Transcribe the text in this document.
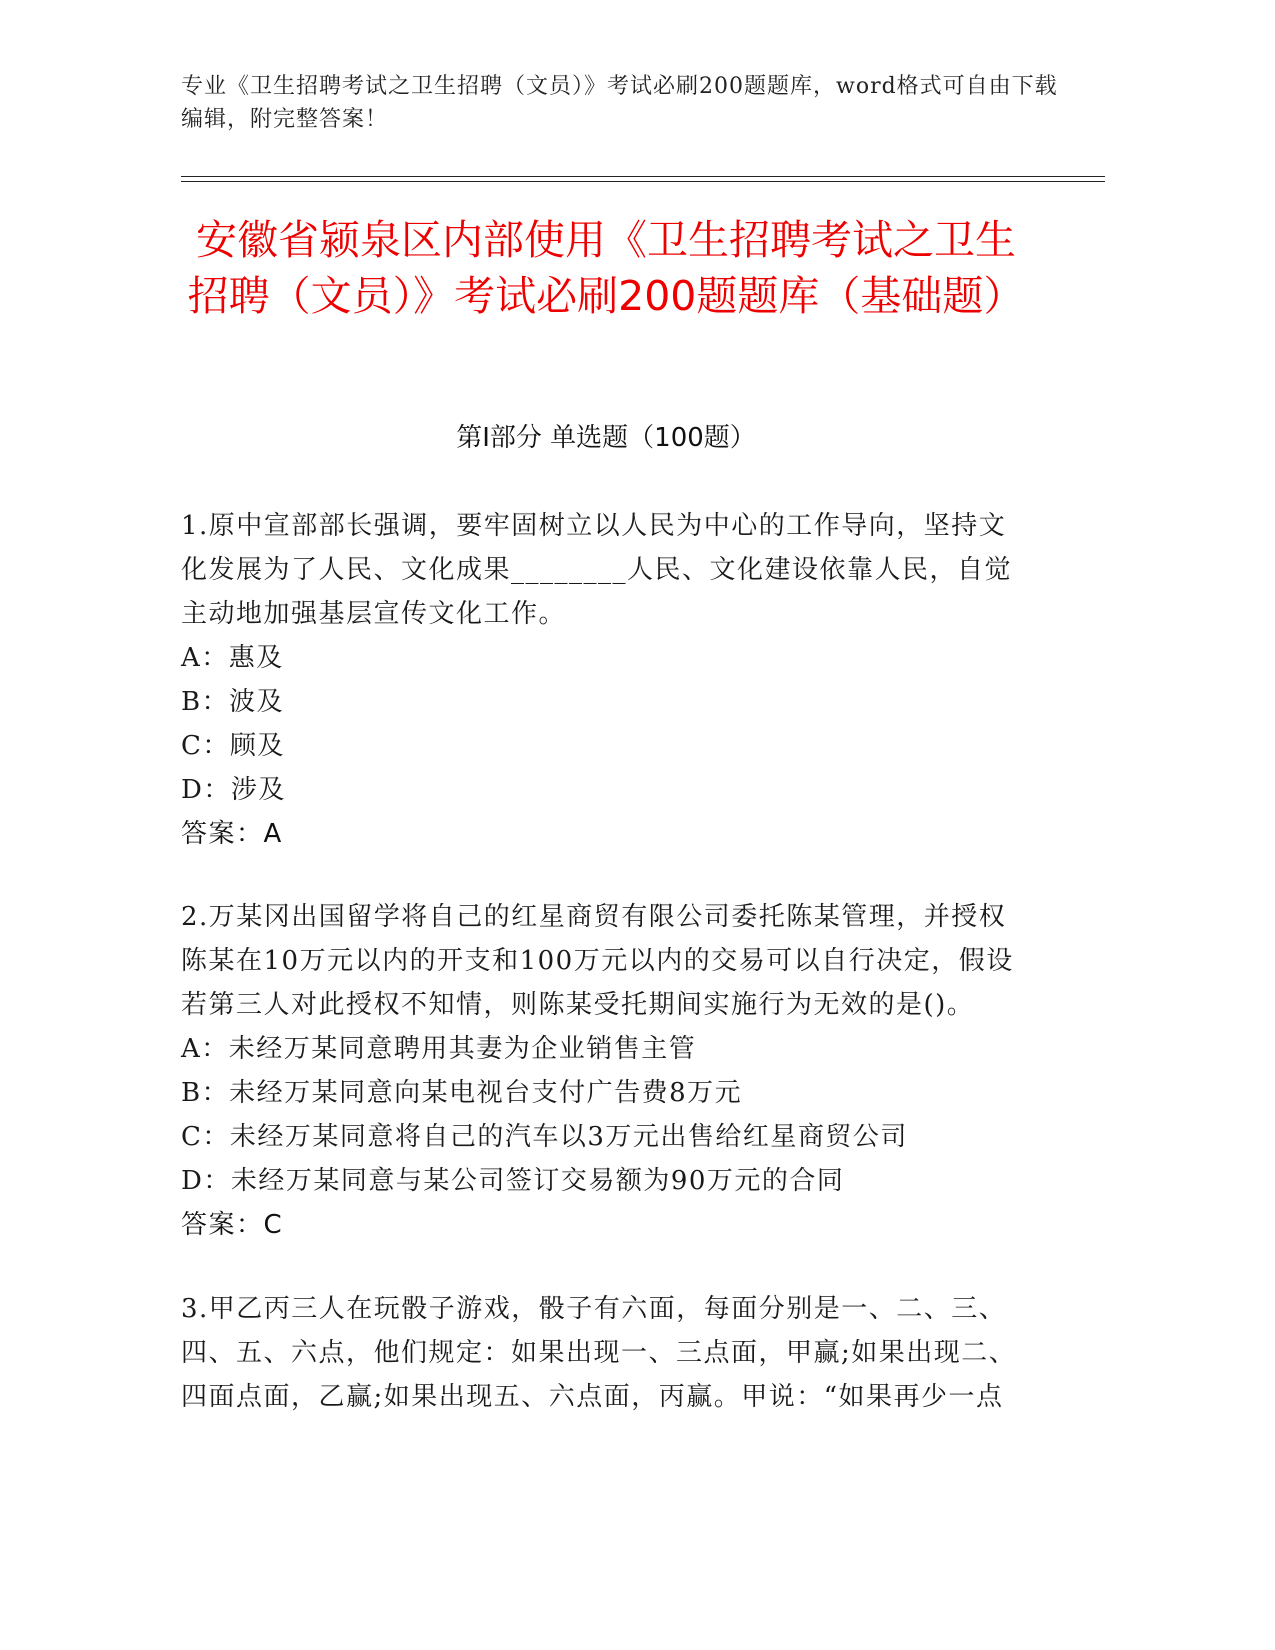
专业《卫生招聘考试之卫生招聘（文员）》考试必刷200题题库，word格式可自由下载编辑，附完整答案！
安徽省颍泉区内部使用《卫生招聘考试之卫生招聘（文员）》考试必刷200题题库（基础题）
第Ⅰ部分 单选题（100题）

1.原中宣部部长强调，要牢固树立以人民为中心的工作导向，坚持文化发展为了人民、文化成果________人民、文化建设依靠人民，自觉主动地加强基层宣传文化工作。

A：惠及

B：波及

C：顾及

D：涉及

答案：A

2.万某冈出国留学将自己的红星商贸有限公司委托陈某管理，并授权陈某在10万元以内的开支和100万元以内的交易可以自行决定，假设若第三人对此授权不知情，则陈某受托期间实施行为无效的是()。

A：未经万某同意聘用其妻为企业销售主管

B：未经万某同意向某电视台支付广告费8万元

C：未经万某同意将自己的汽车以3万元出售给红星商贸公司

D：未经万某同意与某公司签订交易额为90万元的合同

答案：C

3.甲乙丙三人在玩骰子游戏，骰子有六面，每面分别是一、二、三、四、五、六点，他们规定：如果出现一、三点面，甲赢;如果出现二、四面点面，乙赢;如果出现五、六点面，丙赢。甲说：“如果再少一点
